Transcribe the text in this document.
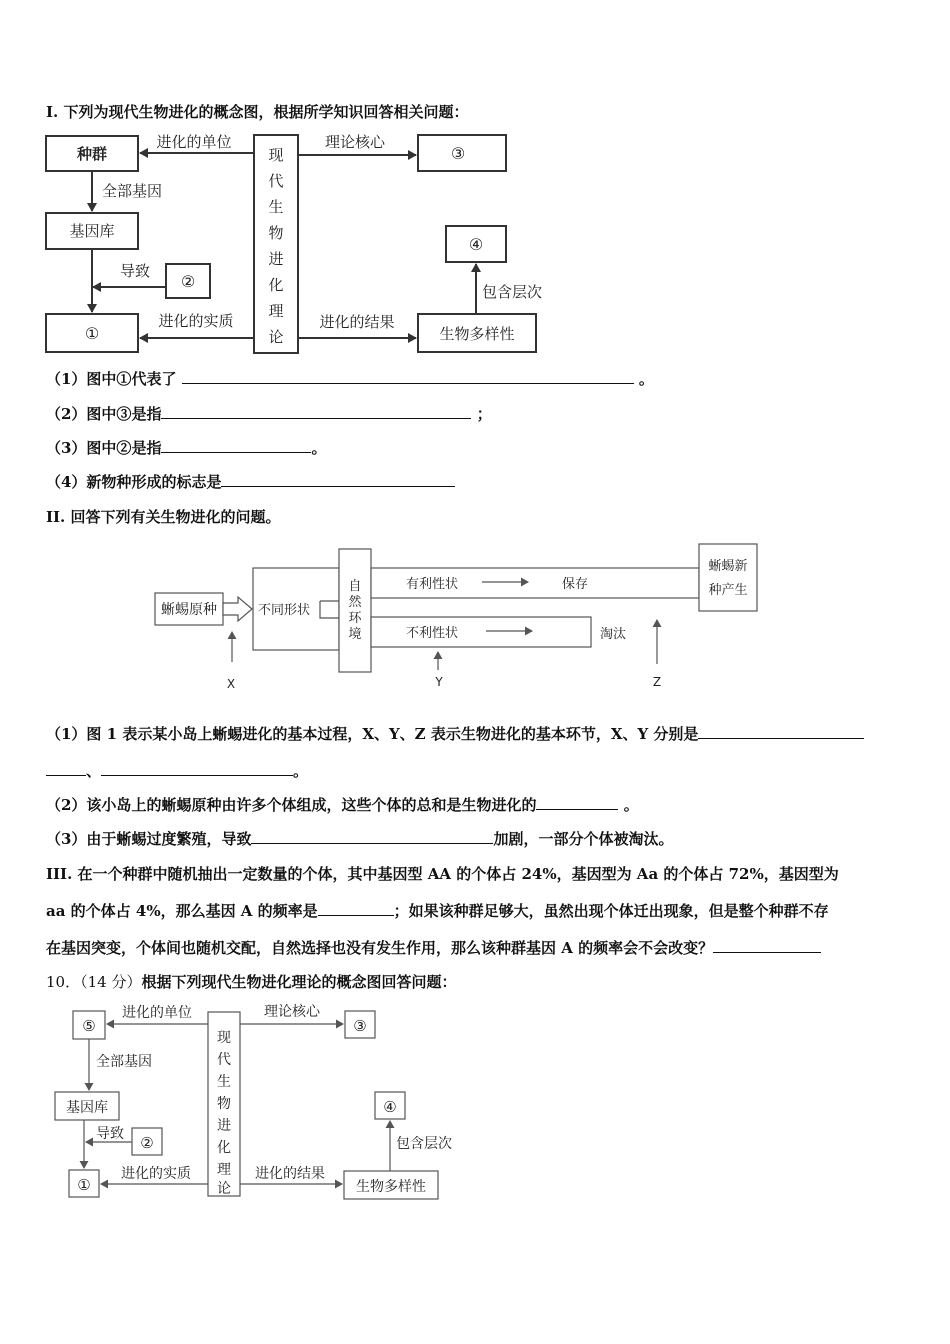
I. 下列为现代生物进化的概念图，根据所学知识回答相关问题：
种群
基因库
①
②
现
代
生
物
进
化
理
论
③
④
生物多样性
进化的单位
全部基因
导致
进化的实质
理论核心
进化的结果
包含层次
（1）图中①代表了	。
（2）图中③是指	；
（3）图中②是指	。
（4）新物种形成的标志是
II. 回答下列有关生物进化的问题。
蜥蜴原种	不同形状
自
然
环
境
有利性状	保存
不利性状	淘汰
蜥蜴新
种产生
X	Y	Z
（1）图 1 表示某小岛上蜥蜴进化的基本过程，X、Y、Z 表示生物进化的基本环节，X、Y 分别是
、	。
（2）该小岛上的蜥蜴原种由许多个体组成，这些个体的总和是生物进化的	。
（3）由于蜥蜴过度繁殖，导致	加剧，一部分个体被淘汰。
III. 在一个种群中随机抽出一定数量的个体，其中基因型 AA 的个体占 24%，基因型为 Aa 的个体占 72%，基因型为
aa 的个体占 4%，那么基因 A 的频率是	；如果该种群足够大，虽然出现个体迁出现象，但是整个种群不存
在基因突变，个体间也随机交配，自然选择也没有发生作用，那么该种群基因 A 的频率会不会改变？
10．（14 分）根据下列现代生物进化理论的概念图回答问题：
⑤
基因库
①
②
现
代
生
物
进
化
理
论
③
④
生物多样性
进化的单位
全部基因
导致
进化的实质
理论核心
进化的结果
包含层次
